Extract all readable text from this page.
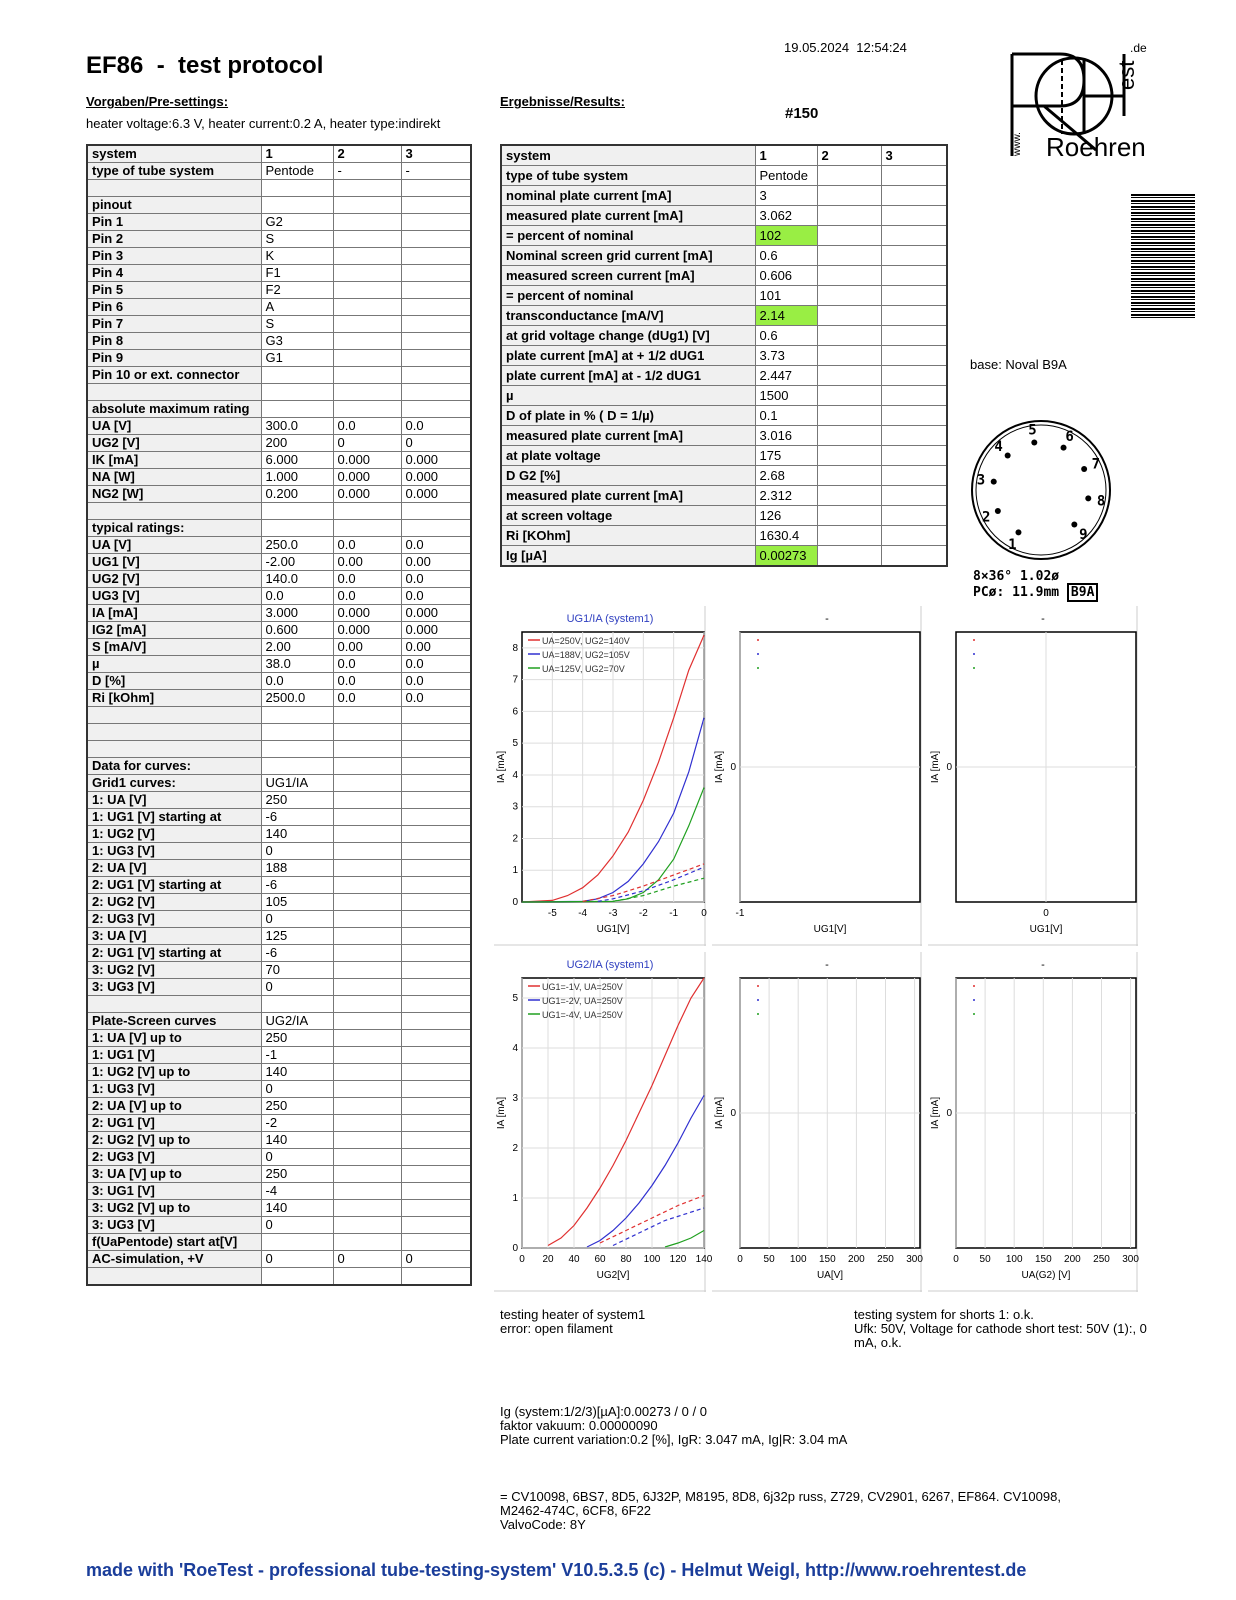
EF86  -  test protocol
19.05.2024  12:54:24
Vorgaben/Pre-settings:
heater voltage:6.3 V, heater current:0.2 A, heater type:indirekt
Ergebnisse/Results:
#150
system	1	2	3
type of tube system	Pentode	-	-

pinout			
Pin 1	G2		
Pin 2	S		
Pin 3	K		
Pin 4	F1		
Pin 5	F2		
Pin 6	A		
Pin 7	S		
Pin 8	G3		
Pin 9	G1		
Pin 10 or ext. connector			

absolute maximum rating			
UA [V]	300.0	0.0	0.0
UG2 [V]	200	0	0
IK [mA]	6.000	0.000	0.000
NA [W]	1.000	0.000	0.000
NG2 [W]	0.200	0.000	0.000

typical ratings:			
UA [V]	250.0	0.0	0.0
UG1 [V]	-2.00	0.00	0.00
UG2 [V]	140.0	0.0	0.0
UG3 [V]	0.0	0.0	0.0
IA [mA]	3.000	0.000	0.000
IG2 [mA]	0.600	0.000	0.000
S [mA/V]	2.00	0.00	0.00
µ	38.0	0.0	0.0
D [%]	0.0	0.0	0.0
Ri [kOhm]	2500.0	0.0	0.0

Data for curves:			
Grid1 curves:	UG1/IA		
1: UA [V]	250		
1: UG1 [V] starting at	-6		
1: UG2 [V]	140		
1: UG3 [V]	0		
2: UA [V]	188		
2: UG1 [V] starting at	-6		
2: UG2 [V]	105		
2: UG3 [V]	0		
3: UA [V]	125		
2: UG1 [V] starting at	-6		
3: UG2 [V]	70		
3: UG3 [V]	0		

Plate-Screen curves	UG2/IA		
1: UA [V] up to	250		
1: UG1 [V]	-1		
1: UG2 [V] up to	140		
1: UG3 [V]	0		
2: UA [V] up to	250		
2: UG1 [V]	-2		
2: UG2 [V] up to	140		
2: UG3 [V]	0		
3: UA [V] up to	250		
3: UG1 [V]	-4		
3: UG2 [V] up to	140		
3: UG3 [V]	0		
f(UaPentode) start at[V]			
AC-simulation, +V	0	0	0

system	1	2	3
type of tube system	Pentode		
nominal plate current [mA]	3		
measured plate current [mA]	3.062		
= percent of nominal	102		
Nominal screen grid current [mA]	0.6		
measured screen current [mA]	0.606		
= percent of nominal	101		
transconductance [mA/V]	2.14		
at grid voltage change (dUg1) [V]	0.6		
plate current [mA] at + 1/2 dUG1	3.73		
plate current [mA] at - 1/2 dUG1	2.447		
µ	1500		
D of plate in % ( D = 1/µ)	0.1		
measured plate current [mA]	3.016		
at plate voltage	175		
D G2 [%]	2.68		
measured plate current [mA]	2.312		
at screen voltage	126		
Ri [KOhm]	1630.4		
Ig [µA]	0.00273		
est
.de
www. Roehren
base: Noval B9A
1
2
3
4
5 6
7
8
9
8×36° 1.02ø
PCø: 11.9mm B9A
UG1/IA (system1)
-5 -4 -3 -2 -1 0
0
1
2
3
4
5
6
7
8
UG1[V]
IA [mA]
UA=250V, UG2=140V
UA=188V, UG2=105V
UA=125V, UG2=70V
-
-1
0
UG1[V]
IA [mA]
-
0
0
UG1[V]
IA [mA]
UG2/IA (system1)
0 20 40 60 80 100 120 140
0
1
2
3
4
5
UG2[V]
IA [mA]
UG1=-1V, UA=250V
UG1=-2V, UA=250V
UG1=-4V, UA=250V
-
0 50 100 150 200 250 300
0
UA[V]
IA [mA]
-
0 50 100 150 200 250 300
0
UA(G2) [V]
IA [mA]
testing heater of system1
error: open filament
testing system for shorts 1: o.k.
Ufk: 50V, Voltage for cathode short test: 50V (1):, 0
mA, o.k.
Ig (system:1/2/3)[µA]:0.00273 / 0 / 0
faktor vakuum: 0.00000090
Plate current variation:0.2 [%], IgR: 3.047 mA, Ig|R: 3.04 mA
= CV10098, 6BS7, 8D5, 6J32P, M8195, 8D8, 6j32p russ, Z729, CV2901, 6267, EF864. CV10098,
M2462-474C, 6CF8, 6F22
ValvoCode: 8Y
made with 'RoeTest - professional tube-testing-system' V10.5.3.5 (c) - Helmut Weigl, http://www.roehrentest.de
